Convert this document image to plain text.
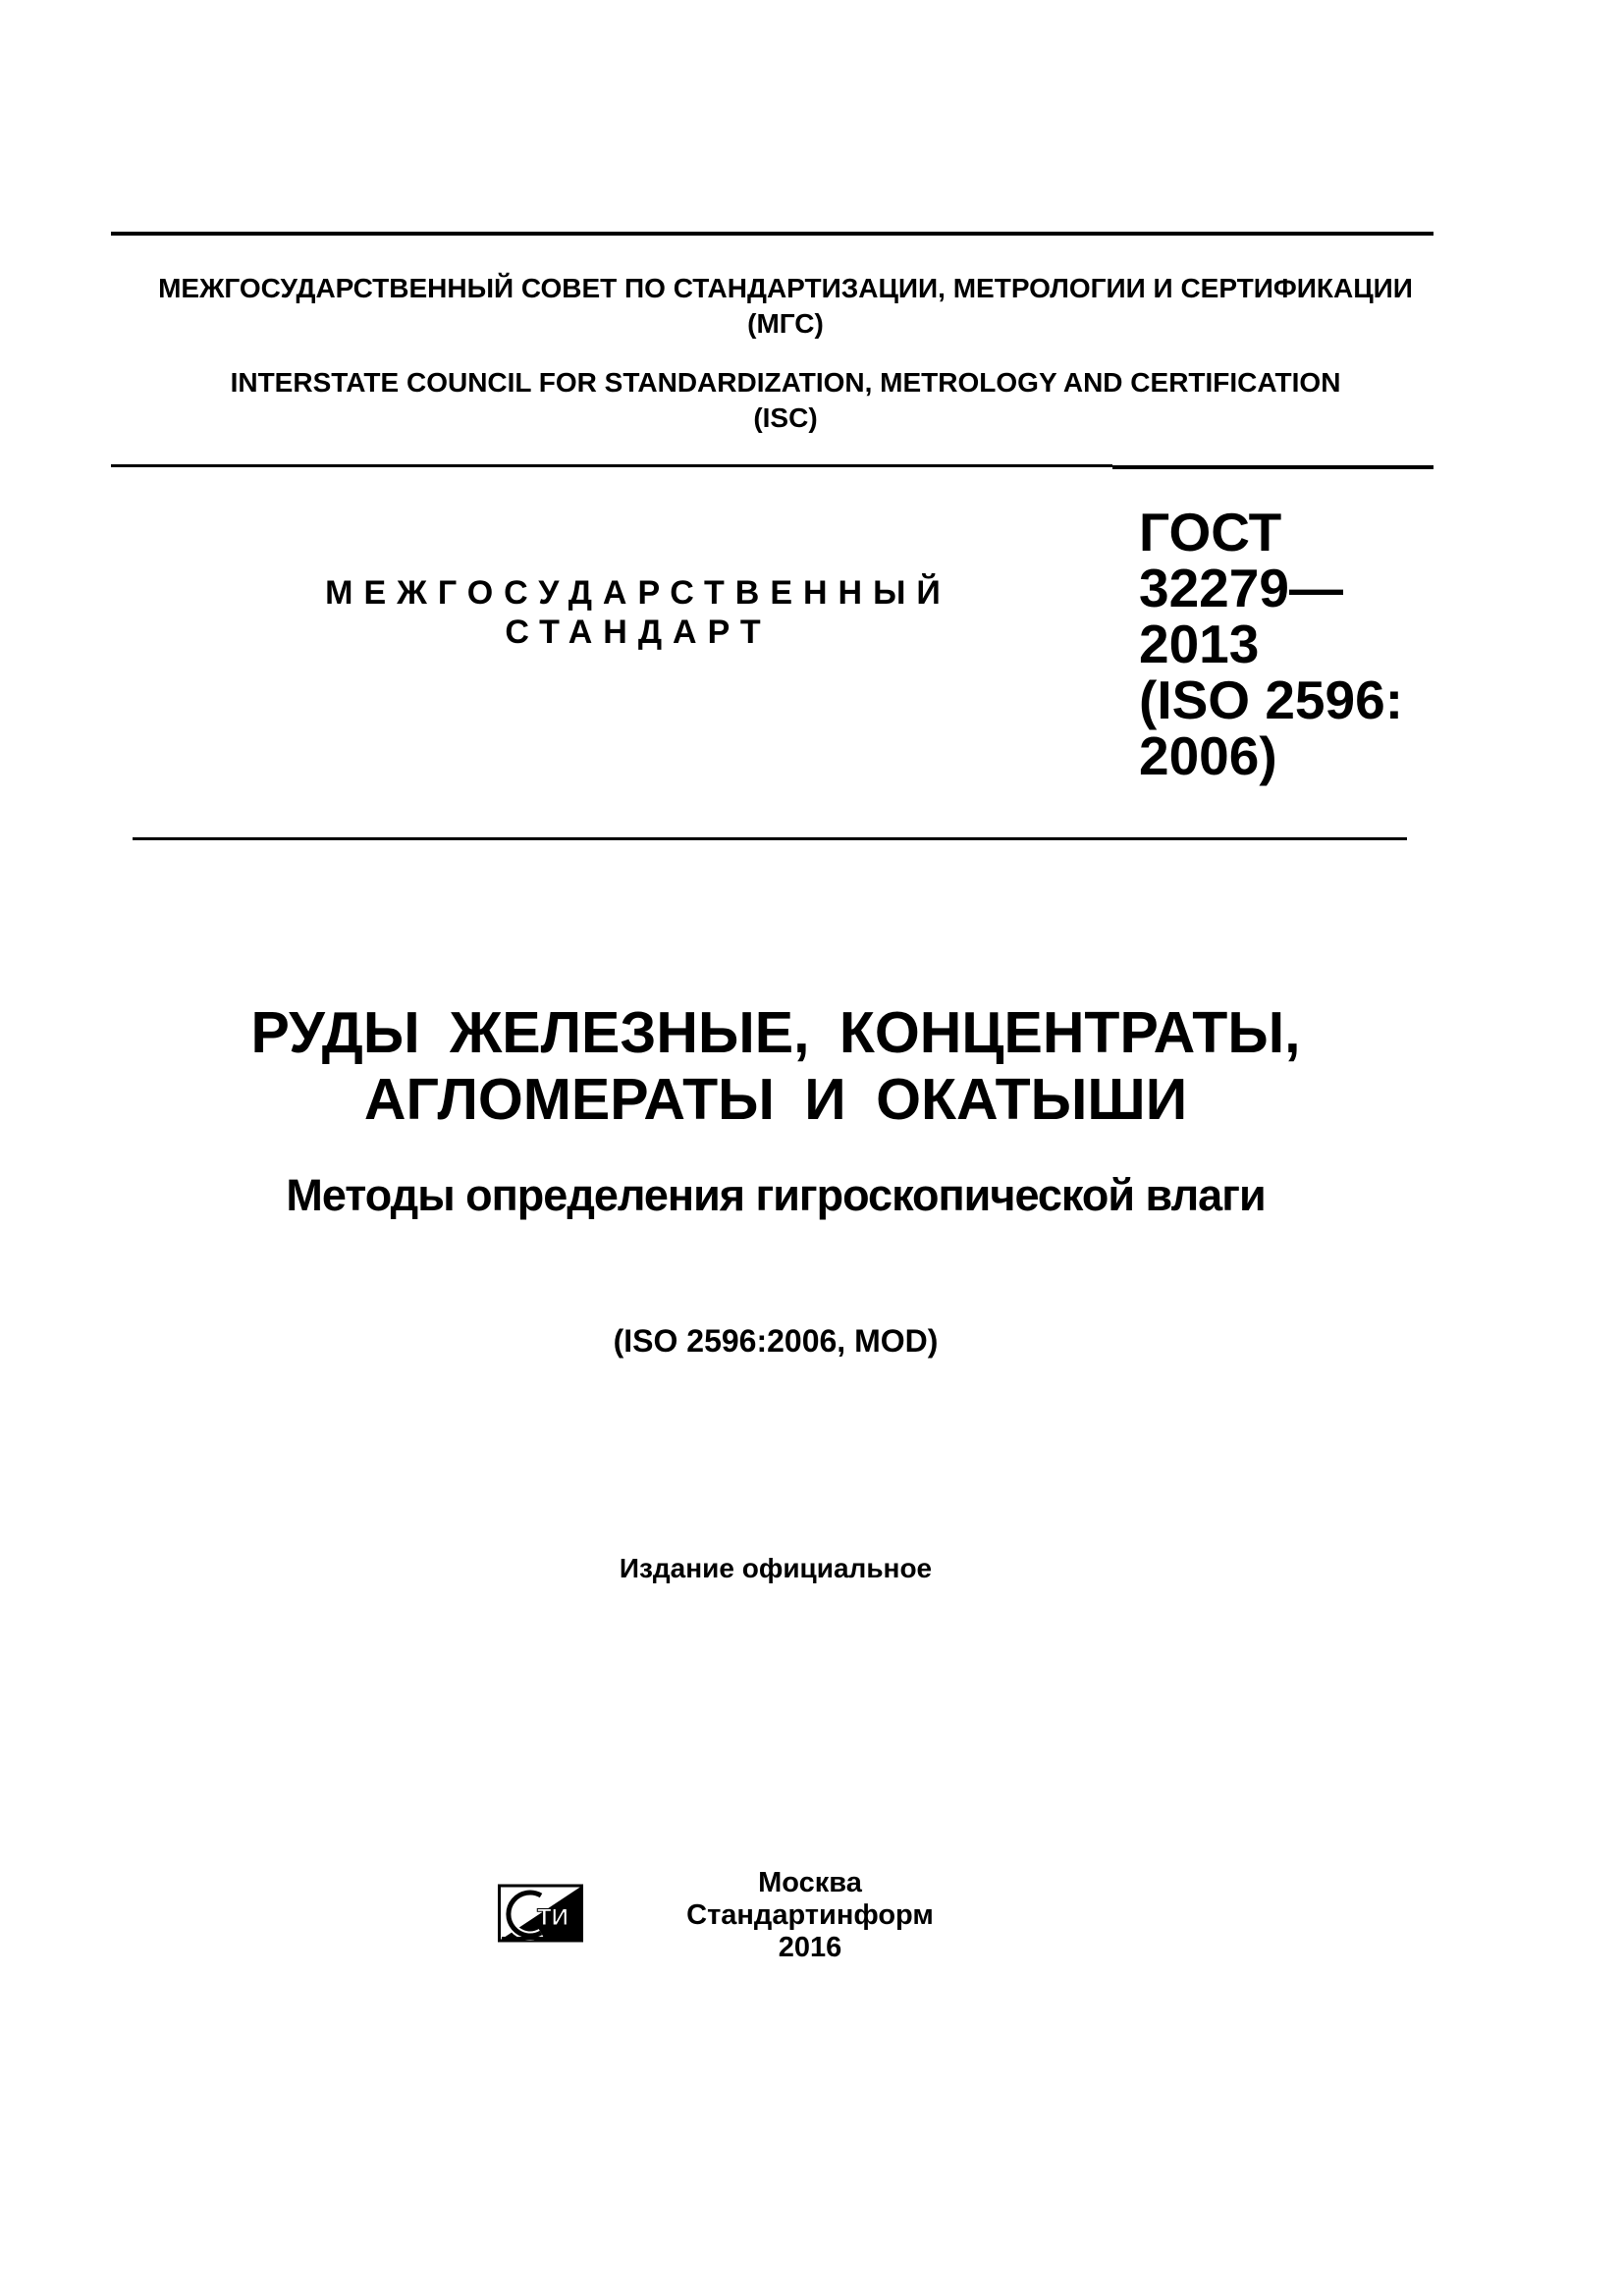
МЕЖГОСУДАРСТВЕННЫЙ СОВЕТ ПО СТАНДАРТИЗАЦИИ, МЕТРОЛОГИИ И СЕРТИФИКАЦИИ
(МГС)
INTERSTATE COUNCIL FOR STANDARDIZATION, METROLOGY AND CERTIFICATION
(ISC)
МЕЖГОСУДАРСТВЕННЫЙ
СТАНДАРТ
ГОСТ
32279—
2013
(ISO 2596:
2006)
РУДЫ ЖЕЛЕЗНЫЕ, КОНЦЕНТРАТЫ,
АГЛОМЕРАТЫ И ОКАТЫШИ
Методы определения гигроскопической влаги
(ISO 2596:2006, MOD)
Издание официальное
ТИ
Москва
Стандартинформ
2016
